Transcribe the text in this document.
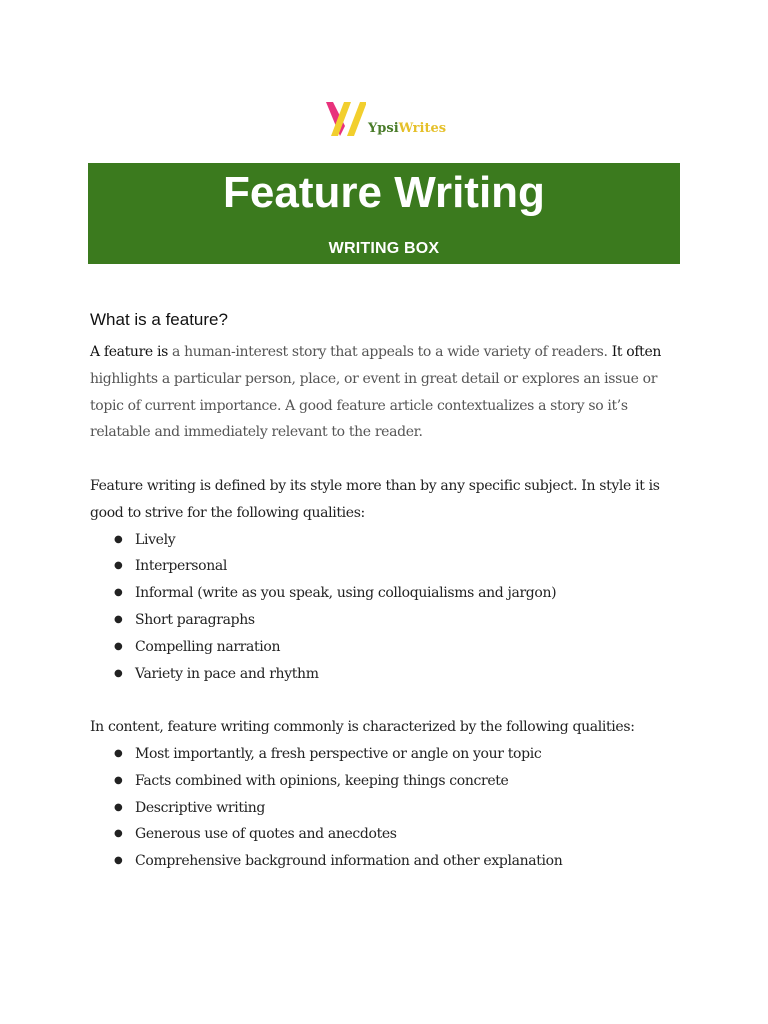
YpsiWrites
Feature Writing
WRITING BOX
What is a feature?

A feature is a human-interest story that appeals to a wide variety of readers. It often highlights a particular person, place, or event in great detail or explores an issue or topic of current importance. A good feature article contextualizes a story so it’s relatable and immediately relevant to the reader.

Feature writing is defined by its style more than by any specific subject. In style it is good to strive for the following qualities:

● Lively
● Interpersonal
● Informal (write as you speak, using colloquialisms and jargon)
● Short paragraphs
● Compelling narration
● Variety in pace and rhythm

In content, feature writing commonly is characterized by the following qualities:

● Most importantly, a fresh perspective or angle on your topic
● Facts combined with opinions, keeping things concrete
● Descriptive writing
● Generous use of quotes and anecdotes
● Comprehensive background information and other explanation
